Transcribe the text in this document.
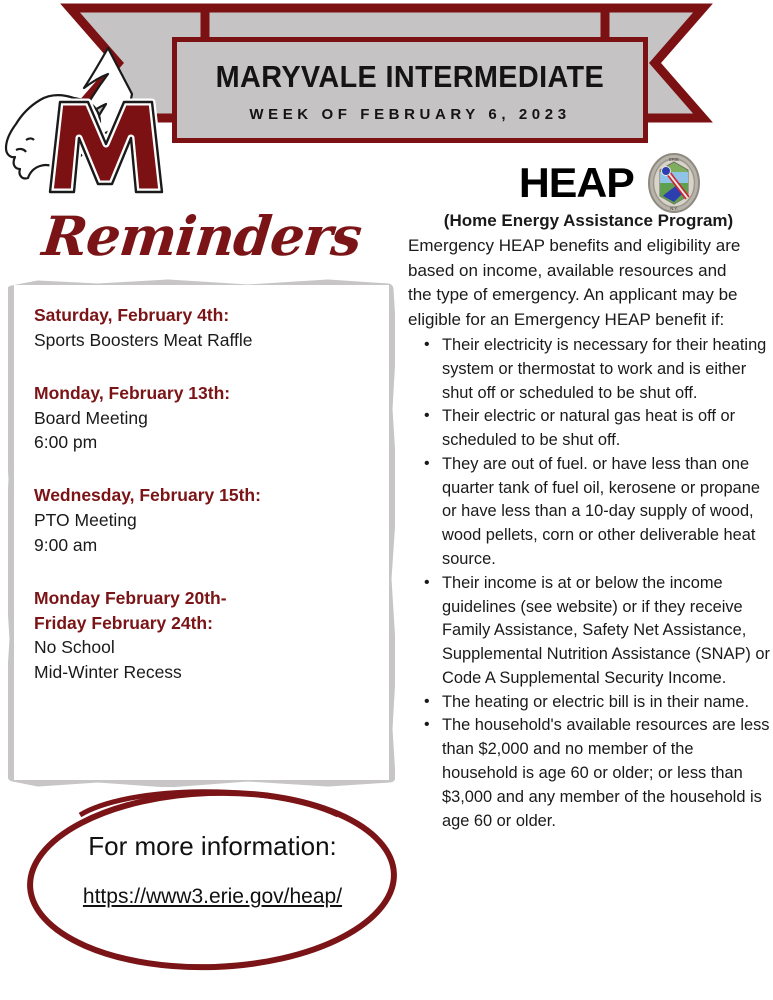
MARYVALE INTERMEDIATE
WEEK OF FEBRUARY 6, 2023
HEAP	ERIE
N.Y.
Reminders
Saturday, February 4th:
Sports Boosters Meat Raffle
Monday, February 13th:
Board Meeting
6:00 pm
Wednesday, February 15th:
PTO Meeting
9:00 am
Monday February 20th-
Friday February 24th:
No School
Mid-Winter Recess
For more information:
https://www3.erie.gov/heap/
(Home Energy Assistance Program)

Emergency HEAP benefits and eligibility are based on income, available resources and the type of emergency. An applicant may be eligible for an Emergency HEAP benefit if:

• Their electricity is necessary for their heating system or thermostat to work and is either shut off or scheduled to be shut off.
• Their electric or natural gas heat is off or scheduled to be shut off.
• They are out of fuel. or have less than one quarter tank of fuel oil, kerosene or propane or have less than a 10-day supply of wood, wood pellets, corn or other deliverable heat source.
• Their income is at or below the income guidelines (see website) or if they receive Family Assistance, Safety Net Assistance, Supplemental Nutrition Assistance (SNAP) or Code A Supplemental Security Income.
• The heating or electric bill is in their name.
• The household's available resources are less than $2,000 and no member of the household is age 60 or older; or less than $3,000 and any member of the household is age 60 or older.
